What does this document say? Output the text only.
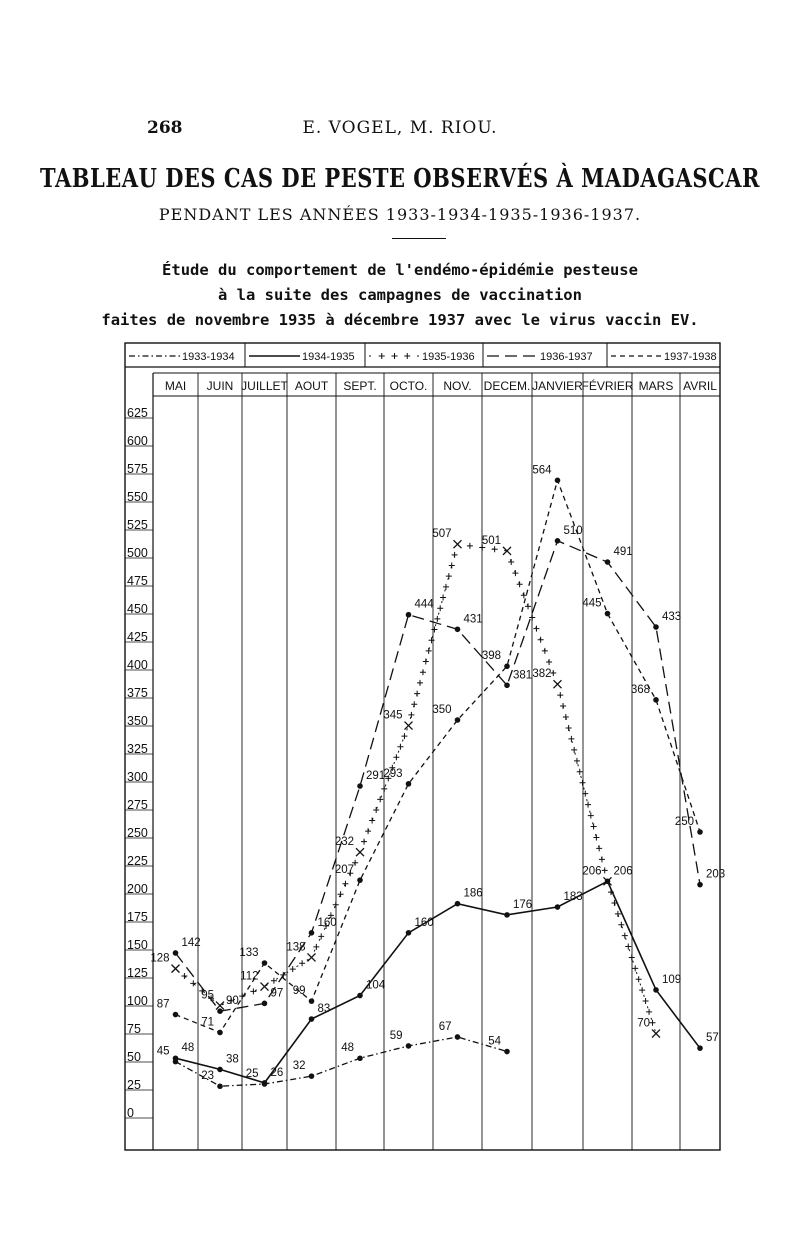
268	E. VOGEL, M. RIOU.
TABLEAU DES CAS DE PESTE OBSERVÉS À MADAGASCAR
PENDANT LES ANNÉES 1933-1934-1935-1936-1937.
Étude du comportement de l'endémo-épidémie pesteuse
à la suite des campagnes de vaccination
faites de novembre 1935 à décembre 1937 avec le virus vaccin EV.
MAI JUIN JUILLET AOUT SEPT. OCTO. NOV. DECEM. JANVIER
FÉVRIER MARS AVRIL
625
600
575
550
525
500
475
450
425
400
375
350
325
300
275
250
225
200
175
150
125
100
75
50
25
0
1933-1934	1934-1935	1935-1936	1936-1937	1937-1938
45
23	25
32
48
59
67
54
48
38
26
83
104
160
186
176
183
206
109
57
128
95
112
138
232
345
507
501
382
206
70
142
90
97
160
291
444
431
381
510
491
433
203
87
71
133
99
207
293
350
398
564
445
368
250
